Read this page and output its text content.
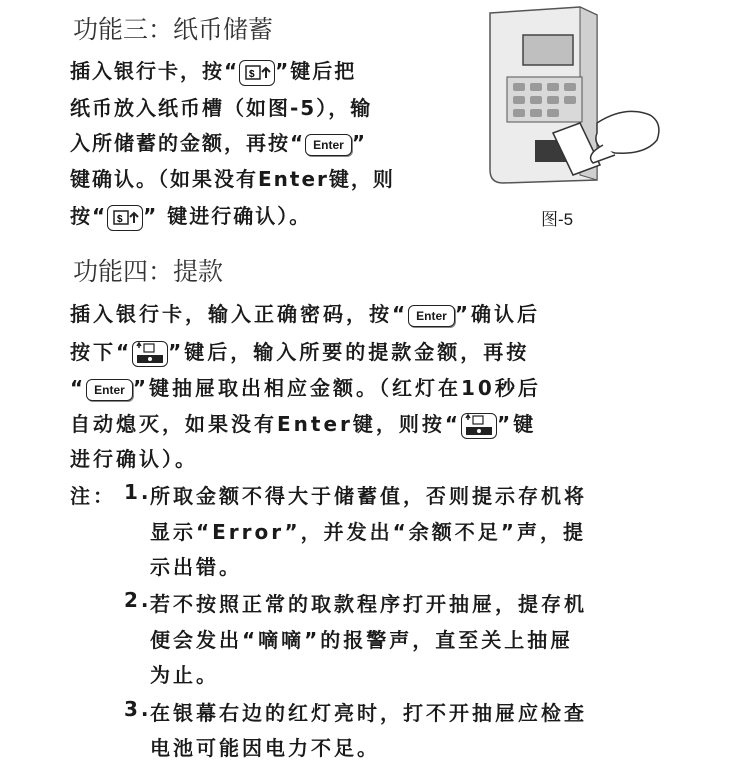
功能三：纸币储蓄
插入银行卡，按“ $ ”键后把
纸币放入纸币槽（如图-5），输
入所储蓄的金额，再按“ Enter ”
键确认。（如果没有Enter键，则
按“ $ ” 键进行确认）。	图-5
功能四：提款
插入银行卡，输入正确密码，按“ Enter ”确认后
按下“ ”键后，输入所要的提款金额，再按
“ Enter ”键抽屉取出相应金额。（红灯在10秒后
自动熄灭，如果没有Enter键，则按“ ”键
进行确认）。
注： 1.
所取金额不得大于储蓄值，否则提示存机将
显示“Error”，并发出“余额不足”声，提
示出错。
2.
若不按照正常的取款程序打开抽屉，提存机
便会发出“嘀嘀”的报警声，直至关上抽屉
为止。
3.
在银幕右边的红灯亮时，打不开抽屉应检查
电池可能因电力不足。
